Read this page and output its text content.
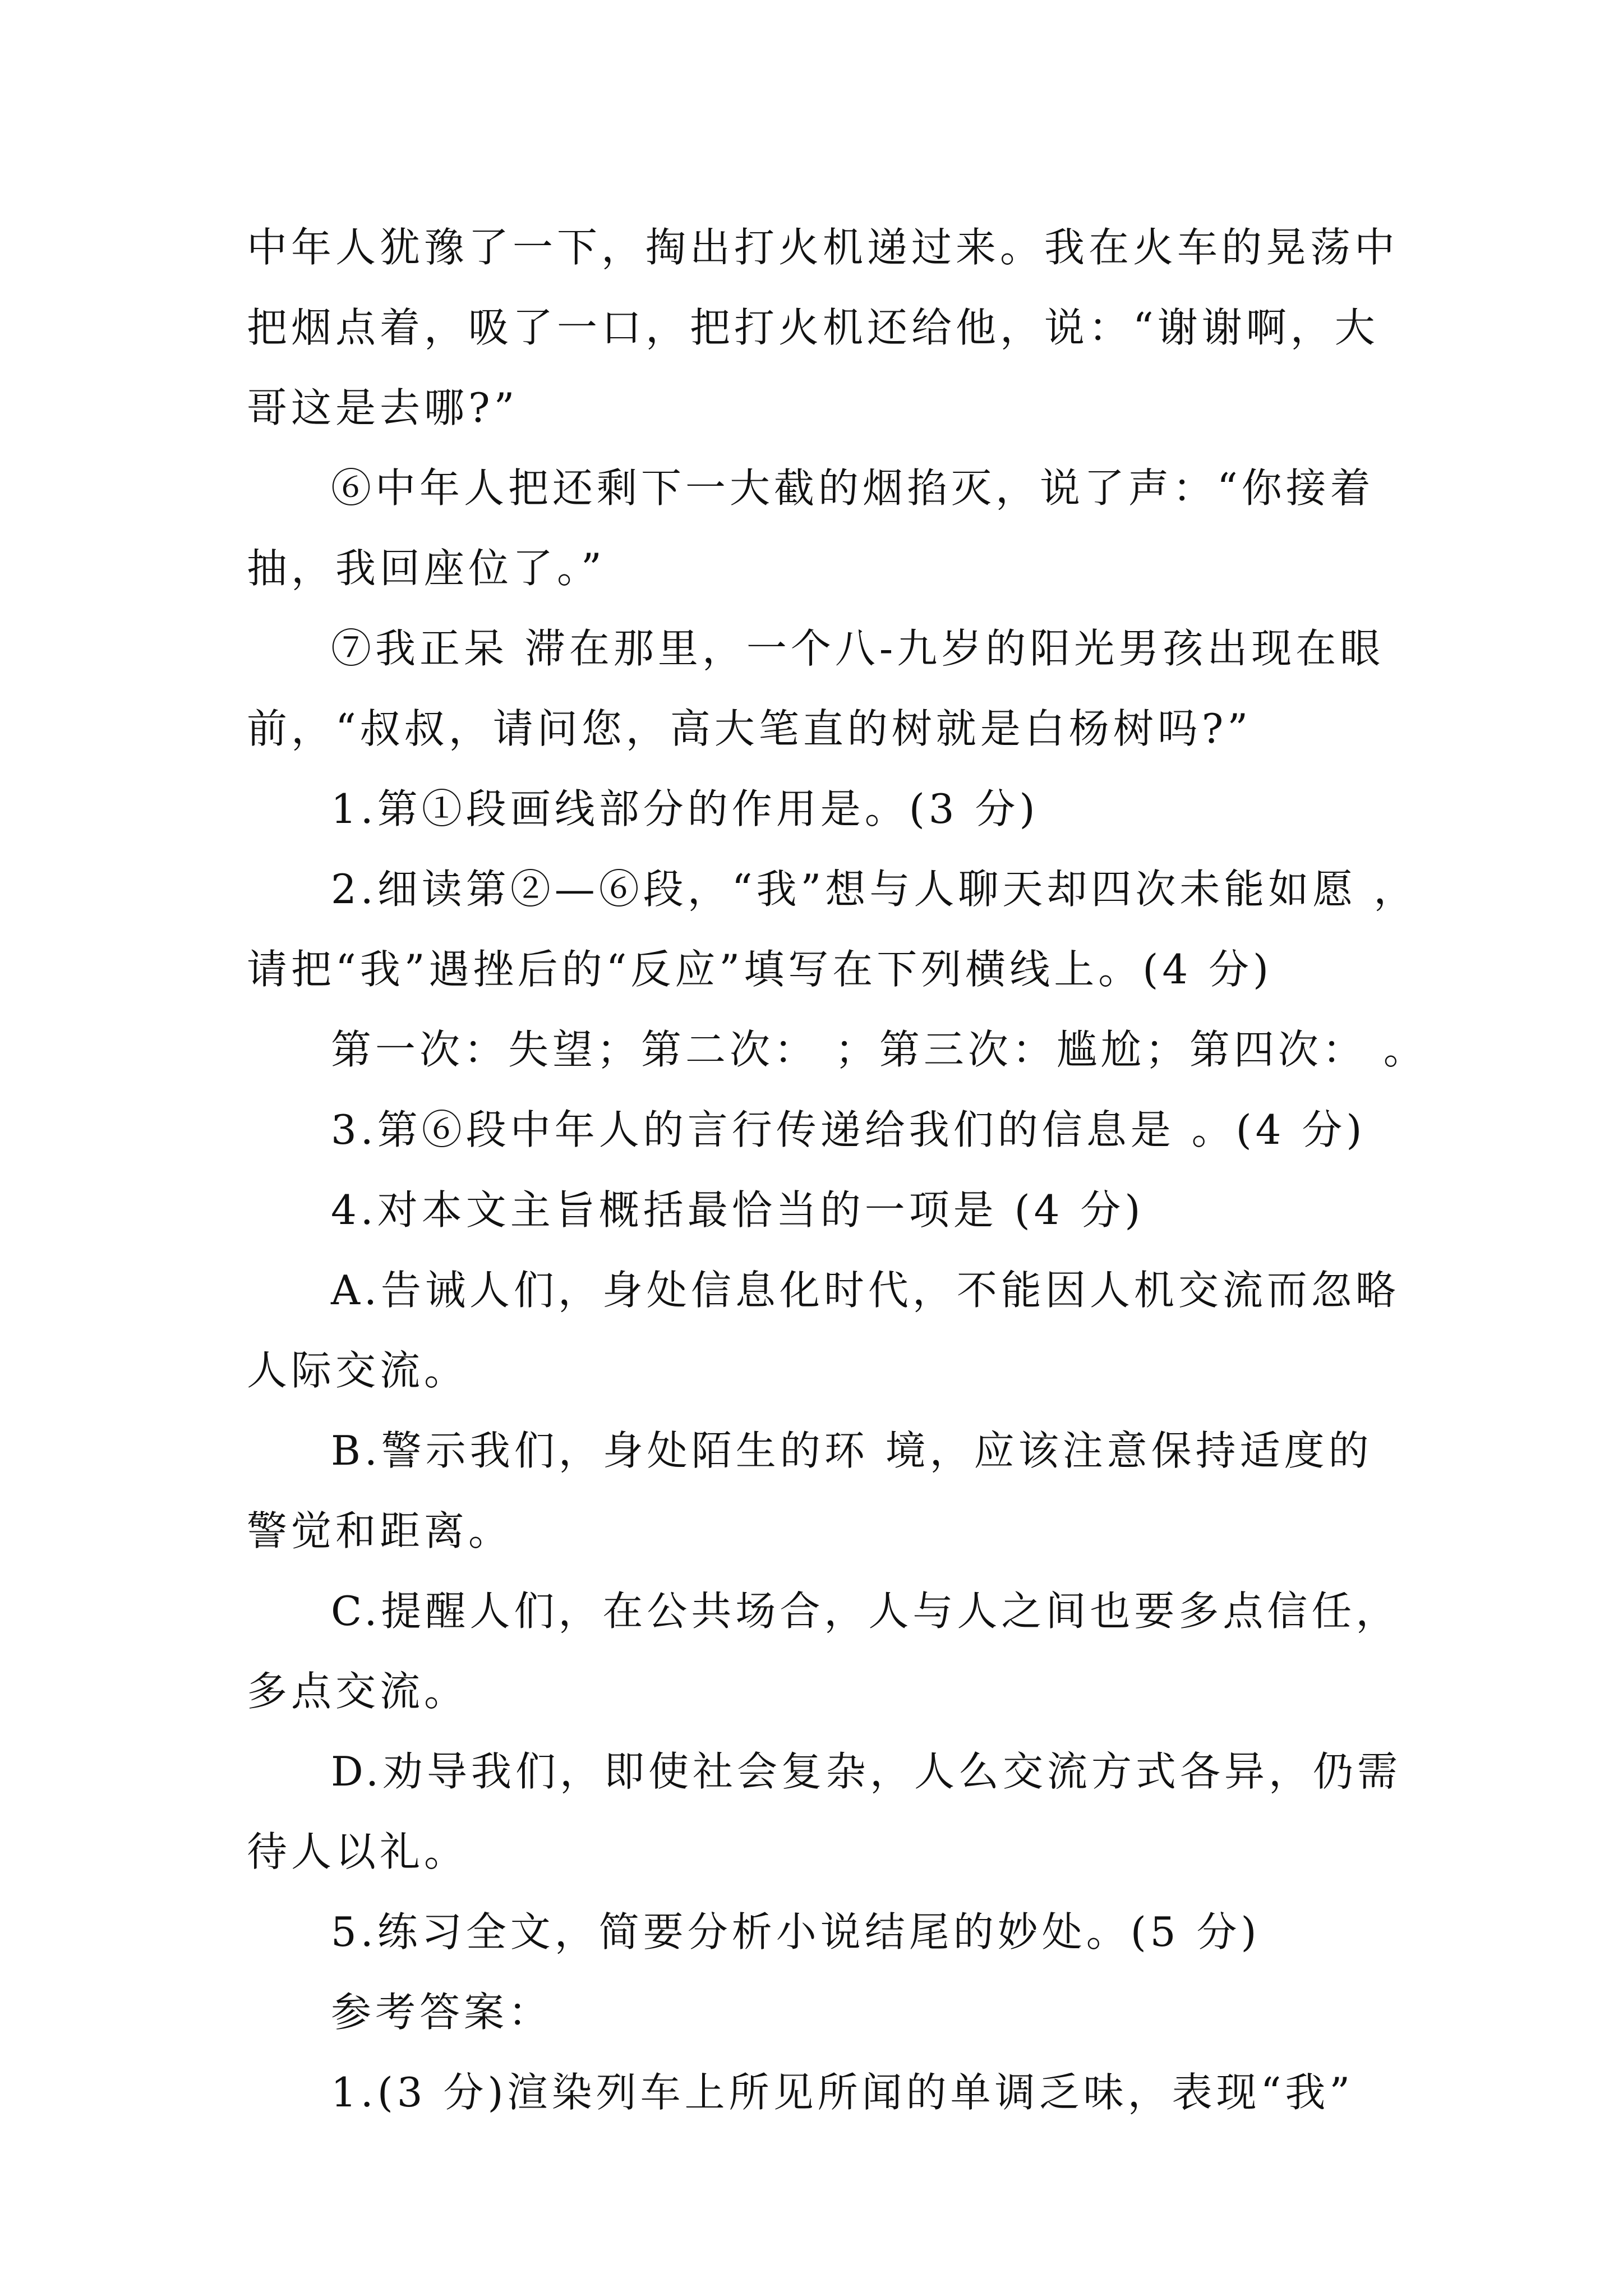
中年人犹豫了一下，掏出打火机递过来。我在火车的晃荡中
把烟点着，吸了一口，把打火机还给他，说：“谢谢啊，大
哥这是去哪?”
⑥中年人把还剩下一大截的烟掐灭，说了声：“你接着
抽，我回座位了。”
⑦我正呆 滞在那里，一个八-九岁的阳光男孩出现在眼
前，“叔叔，请问您，高大笔直的树就是白杨树吗?”
1.第①段画线部分的作用是。(3 分)
2.细读第②—⑥段，“我”想与人聊天却四次未能如愿 ，
请把“我”遇挫后的“反应”填写在下列横线上。(4 分)
第一次：失望；第二次： ；第三次：尴尬；第四次： 。
3.第⑥段中年人的言行传递给我们的信息是 。(4 分)
4.对本文主旨概括最恰当的一项是 (4 分)
A.告诫人们，身处信息化时代，不能因人机交流而忽略
人际交流。
B.警示我们，身处陌生的环 境，应该注意保持适度的
警觉和距离。
C.提醒人们，在公共场合，人与人之间也要多点信任，
多点交流。
D.劝导我们，即使社会复杂，人么交流方式各异，仍需
待人以礼。
5.练习全文，简要分析小说结尾的妙处。(5 分)
参考答案：
1.(3 分)渲染列车上所见所闻的单调乏味，表现“我”
